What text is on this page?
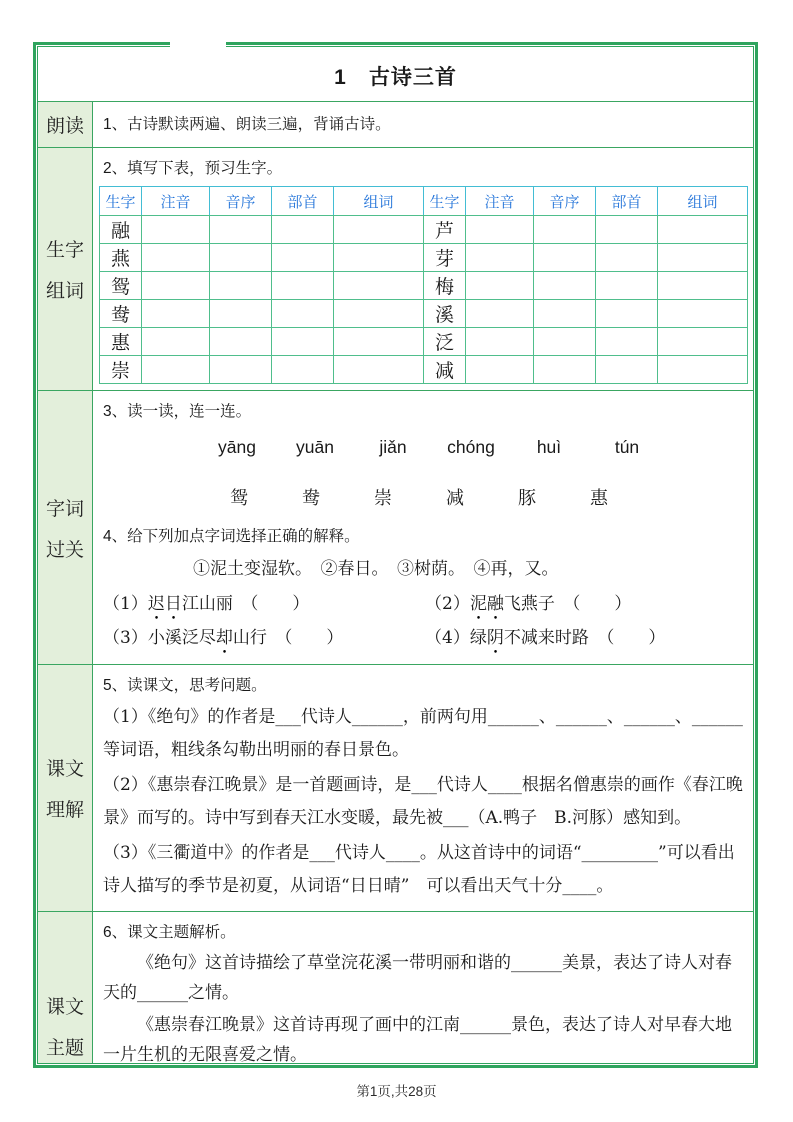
1　古诗三首
朗读 1、古诗默读两遍、朗读三遍，背诵古诗。
生字
组词
2、填写下表，预习生字。
生字	注音	音序	部首	组词	生字	注音	音序	部首	组词
融					芦				
燕					芽				
鸳					梅				
鸯					溪				
惠					泛				
崇					减				
字词
过关
3、读一读，连一连。
yāng	yuān	jiǎn	chóng	huì	tún
鸳	鸯	崇	减	豚	惠
4、给下列加点字词选择正确的解释。
①泥土变湿软。　②春日。　③树荫。　④再，又。
（1）迟日江山丽　（　　）	（2）泥融飞燕子　（　　）
（3）小溪泛尽却山行　（　　）	（4）绿阴不减来时路　（　　）
课文
理解
5、读课文，思考问题。
（1）《绝句》的作者是___代诗人______，前两句用______、______、______、______等词语，粗线条勾勒出明丽的春日景色。
（2）《惠崇春江晚景》是一首题画诗，是___代诗人____根据名僧惠崇的画作《春江晚景》而写的。诗中写到春天江水变暖，最先被___（A.鸭子　B.河豚）感知到。
（3）《三衢道中》的作者是___代诗人____。从这首诗中的词语“_________”可以看出诗人描写的季节是初夏，从词语“日日晴”　可以看出天气十分____。
课文
主题
6、课文主题解析。
《绝句》这首诗描绘了草堂浣花溪一带明丽和谐的______美景，表达了诗人对春天的______之情。
《惠崇春江晚景》这首诗再现了画中的江南______景色，表达了诗人对早春大地一片生机的无限喜爱之情。
第1页,共28页
